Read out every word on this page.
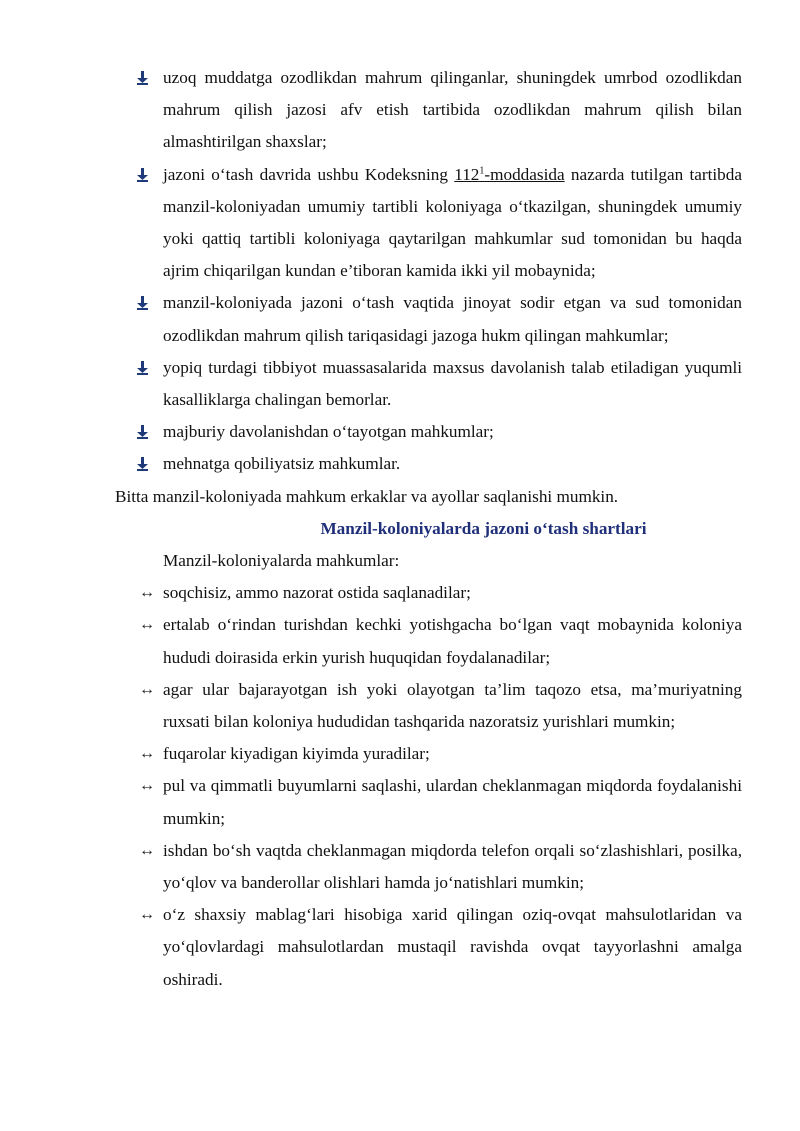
uzoq muddatga ozodlikdan mahrum qilinganlar, shuningdek umrbod ozodlikdan mahrum qilish jazosi afv etish tartibida ozodlikdan mahrum qilish bilan almashtirilgan shaxslar;
jazoni o‘tash davrida ushbu Kodeksning $112^1$-moddasida nazarda tutilgan tartibda manzil-koloniyadan umumiy tartibli koloniyaga o‘tkazilgan, shuningdek umumiy yoki qattiq tartibli koloniyaga qaytarilgan mahkumlar sud tomonidan bu haqda ajrim chiqarilgan kundan e’tiboran kamida ikki yil mobaynida;
manzil-koloniyada jazoni o‘tash vaqtida jinoyat sodir etgan va sud tomonidan ozodlikdan mahrum qilish tariqasidagi jazoga hukm qilingan mahkumlar;
yopiq turdagi tibbiyot muassasalarida maxsus davolanish talab etiladigan yuqumli kasalliklarga chalingan bemorlar.
majburiy davolanishdan o‘tayotgan mahkumlar;
mehnatga qobiliyatsiz mahkumlar.
Bitta manzil-koloniyada mahkum erkaklar va ayollar saqlanishi mumkin.
Manzil-koloniyalarda jazoni o‘tash shartlari
Manzil-koloniyalarda mahkumlar:
↔ soqchisiz, ammo nazorat ostida saqlanadilar;
↔ ertalab o‘rindan turishdan kechki yotishgacha bo‘lgan vaqt mobaynida koloniya hududi doirasida erkin yurish huquqidan foydalanadilar;
↔ agar ular bajarayotgan ish yoki olayotgan ta’lim taqozo etsa, ma’muriyatning ruxsati bilan koloniya hududidan tashqarida nazoratsiz yurishlari mumkin;
↔ fuqarolar kiyadigan kiyimda yuradilar;
↔ pul va qimmatli buyumlarni saqlashi, ulardan cheklanmagan miqdorda foydalanishi mumkin;
↔ ishdan bo‘sh vaqtda cheklanmagan miqdorda telefon orqali so‘zlashishlari, posilka, yo‘qlov va banderollar olishlari hamda jo‘natishlari mumkin;
↔ o‘z shaxsiy mablag‘lari hisobiga xarid qilingan oziq-ovqat mahsulotlaridan va yo‘qlovlardagi mahsulotlardan mustaqil ravishda ovqat tayyorlashni amalga oshiradi.
